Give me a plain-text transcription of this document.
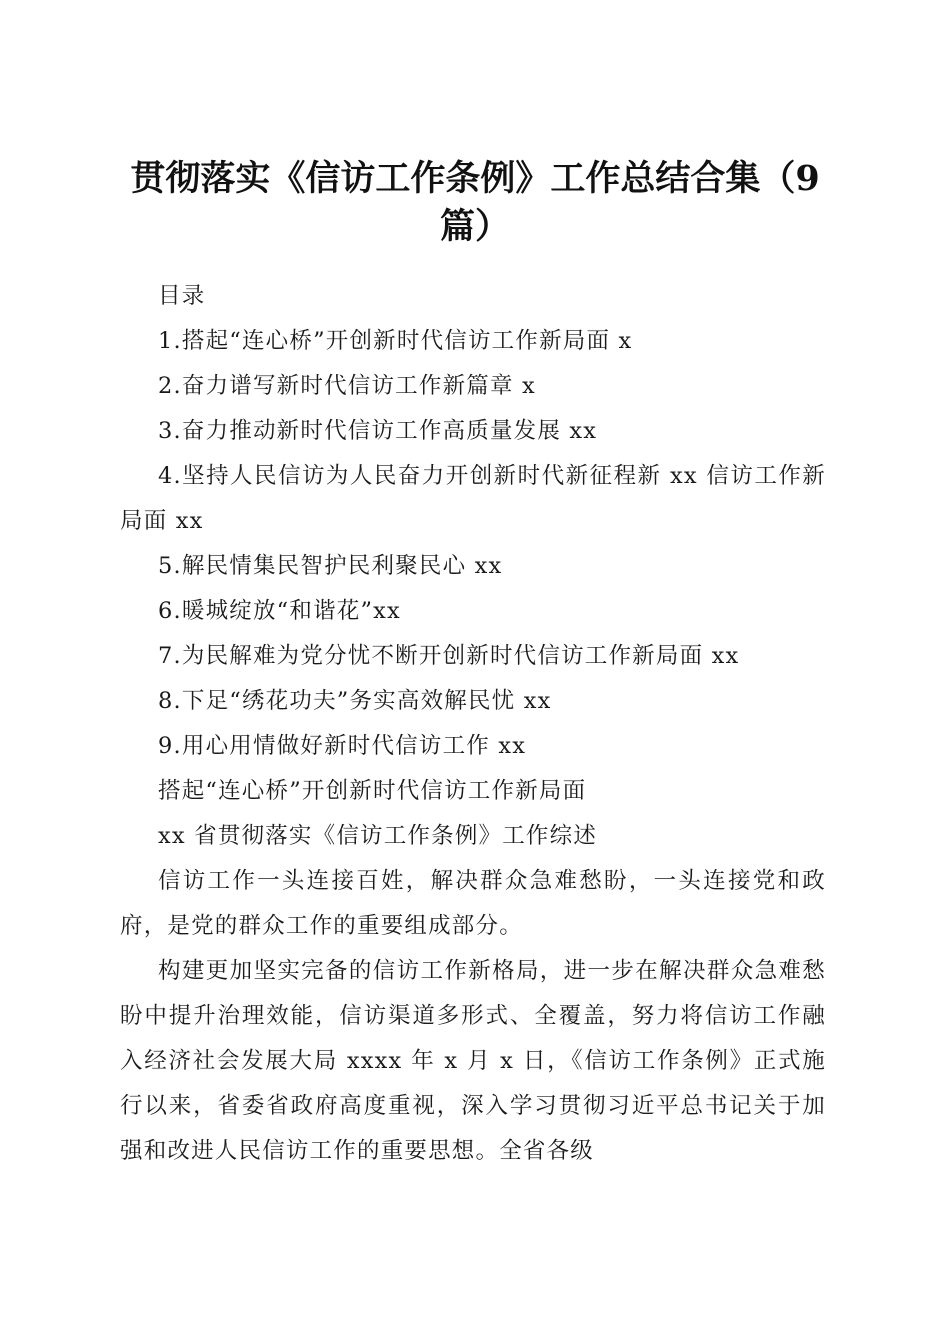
贯彻落实《信访工作条例》工作总结合集（9篇）

目录

1.搭起“连心桥”开创新时代信访工作新局面 x

2.奋力谱写新时代信访工作新篇章 x

3.奋力推动新时代信访工作高质量发展 xx

4.坚持人民信访为人民奋力开创新时代新征程新 xx 信访工作新局面 xx

5.解民情集民智护民利聚民心 xx

6.暖城绽放“和谐花”xx

7.为民解难为党分忧不断开创新时代信访工作新局面 xx

8.下足“绣花功夫”务实高效解民忧 xx

9.用心用情做好新时代信访工作 xx

搭起“连心桥”开创新时代信访工作新局面

xx 省贯彻落实《信访工作条例》工作综述

信访工作一头连接百姓，解决群众急难愁盼，一头连接党和政府，是党的群众工作的重要组成部分。

构建更加坚实完备的信访工作新格局，进一步在解决群众急难愁盼中提升治理效能，信访渠道多形式、全覆盖，努力将信访工作融入经济社会发展大局 xxxx 年 x 月 x 日，《信访工作条例》正式施行以来，省委省政府高度重视，深入学习贯彻习近平总书记关于加强和改进人民信访工作的重要思想。全省各级
